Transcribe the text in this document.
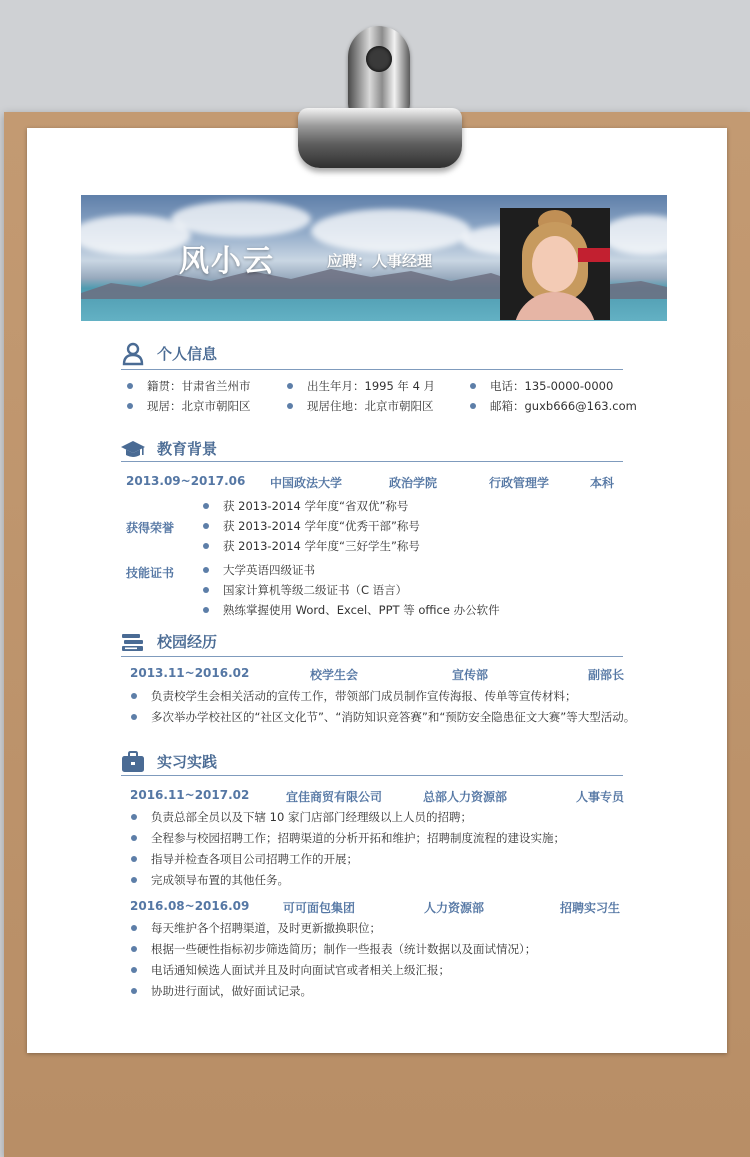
风小云	应聘：人事经理
个人信息
籍贯：甘肃省兰州市	出生年月：1995 年 4 月	电话：135-0000-0000
现居：北京市朝阳区	现居住地：北京市朝阳区	邮箱：guxb666@163.com
教育背景
2013.09~2017.06 中国政法大学	政治学院	行政管理学	本科
获得荣誉
获 2013-2014 学年度“省双优”称号
获 2013-2014 学年度“优秀干部”称号
获 2013-2014 学年度“三好学生”称号
技能证书	大学英语四级证书
国家计算机等级二级证书（C 语言）
熟练掌握使用 Word、Excel、PPT 等 office 办公软件
校园经历
2013.11~2016.02	校学生会	宣传部	副部长
负责校学生会相关活动的宣传工作，带领部门成员制作宣传海报、传单等宣传材料；
多次举办学校社区的“社区文化节”、“消防知识竞答赛”和“预防安全隐患征文大赛”等大型活动。
实习实践
2016.11~2017.02	宜佳商贸有限公司	总部人力资源部	人事专员
负责总部全员以及下辖 10 家门店部门经理级以上人员的招聘；
全程参与校园招聘工作；招聘渠道的分析开拓和维护；招聘制度流程的建设实施；
指导并检查各项目公司招聘工作的开展；
完成领导布置的其他任务。
2016.08~2016.09	可可面包集团	人力资源部	招聘实习生
每天维护各个招聘渠道，及时更新撤换职位；
根据一些硬性指标初步筛选简历；制作一些报表（统计数据以及面试情况）；
电话通知候选人面试并且及时向面试官或者相关上级汇报；
协助进行面试，做好面试记录。
